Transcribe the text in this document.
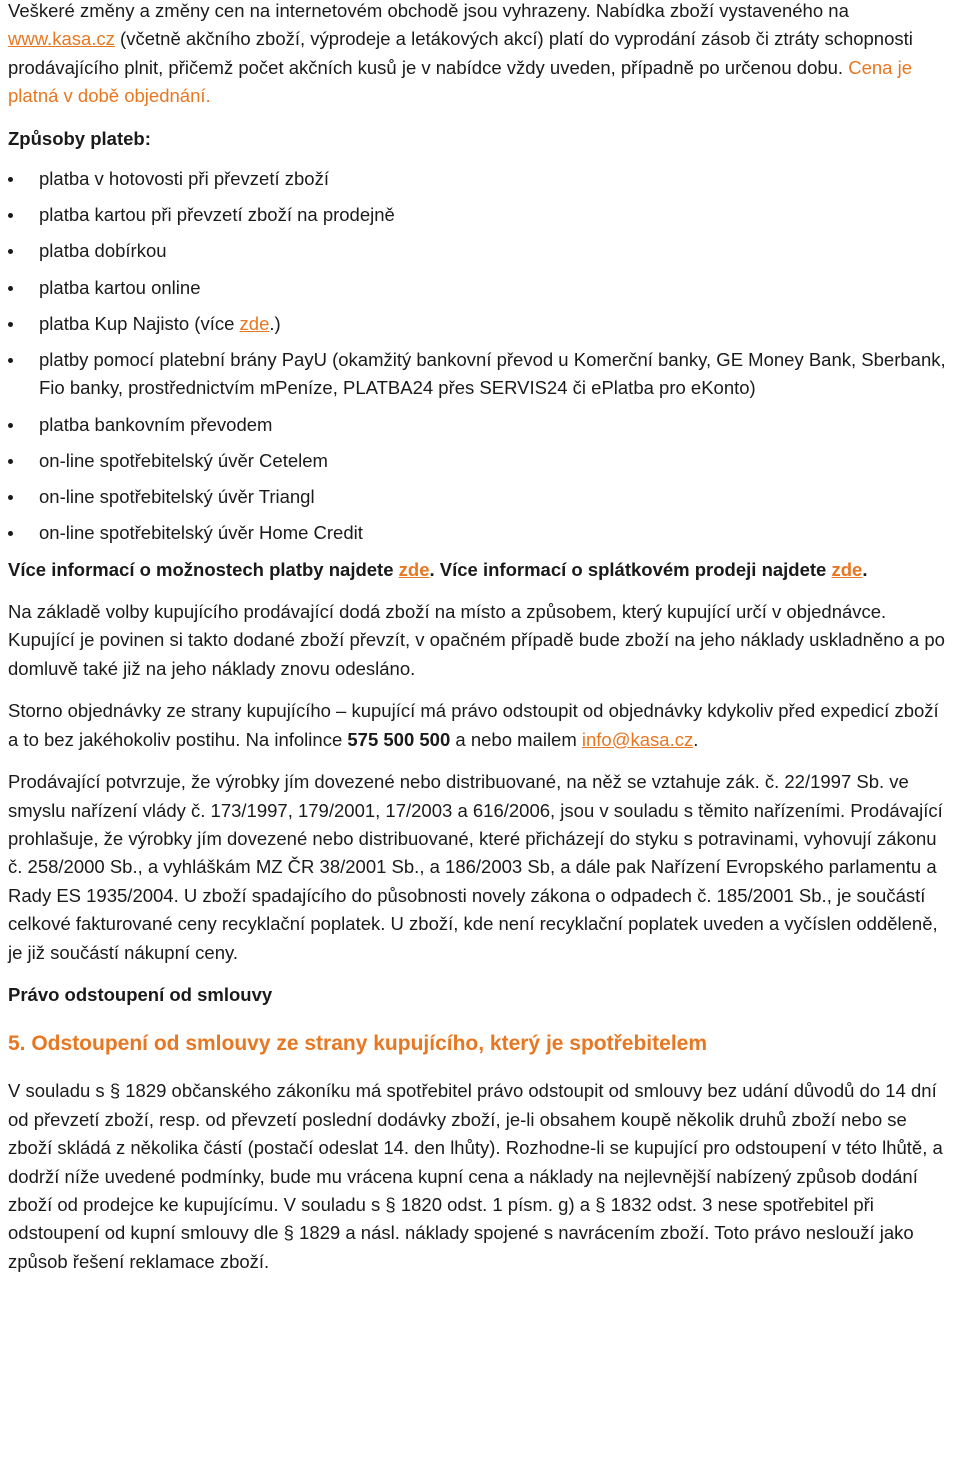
Veškeré změny a změny cen na internetovém obchodě jsou vyhrazeny. Nabídka zboží vystaveného na www.kasa.cz (včetně akčního zboží, výprodeje a letákových akcí) platí do vyprodání zásob či ztráty schopnosti prodávajícího plnit, přičemž počet akčních kusů je v nabídce vždy uveden, případně po určenou dobu. Cena je platná v době objednání.

Způsoby plateb:

platba v hotovosti při převzetí zboží
platba kartou při převzetí zboží na prodejně
platba dobírkou
platba kartou online
platba Kup Najisto (více zde.)
platby pomocí platební brány PayU (okamžitý bankovní převod u Komerční banky, GE Money Bank, Sberbank, Fio banky, prostřednictvím mPeníze, PLATBA24 přes SERVIS24 či ePlatba pro eKonto)
platba bankovním převodem
on-line spotřebitelský úvěr Cetelem
on-line spotřebitelský úvěr Triangl
on-line spotřebitelský úvěr Home Credit

Více informací o možnostech platby najdete zde. Více informací o splátkovém prodeji najdete zde.

Na základě volby kupujícího prodávající dodá zboží na místo a způsobem, který kupující určí v objednávce. Kupující je povinen si takto dodané zboží převzít, v opačném případě bude zboží na jeho náklady uskladněno a po domluvě také již na jeho náklady znovu odesláno.

Storno objednávky ze strany kupujícího – kupující má právo odstoupit od objednávky kdykoliv před expedicí zboží a to bez jakéhokoliv postihu. Na infolince 575 500 500 a nebo mailem info@kasa.cz.

Prodávající potvrzuje, že výrobky jím dovezené nebo distribuované, na něž se vztahuje zák. č. 22/1997 Sb. ve smyslu nařízení vlády č. 173/1997, 179/2001, 17/2003 a 616/2006, jsou v souladu s těmito nařízeními. Prodávající prohlašuje, že výrobky jím dovezené nebo distribuované, které přicházejí do styku s potravinami, vyhovují zákonu č. 258/2000 Sb., a vyhláškám MZ ČR 38/2001 Sb., a 186/2003 Sb, a dále pak Nařízení Evropského parlamentu a Rady ES 1935/2004. U zboží spadajícího do působnosti novely zákona o odpadech č. 185/2001 Sb., je součástí celkové fakturované ceny recyklační poplatek. U zboží, kde není recyklační poplatek uveden a vyčíslen odděleně, je již součástí nákupní ceny.

Právo odstoupení od smlouvy

5. Odstoupení od smlouvy ze strany kupujícího, který je spotřebitelem

V souladu s § 1829 občanského zákoníku má spotřebitel právo odstoupit od smlouvy bez udání důvodů do 14 dní od převzetí zboží, resp. od převzetí poslední dodávky zboží, je-li obsahem koupě několik druhů zboží nebo se zboží skládá z několika částí (postačí odeslat 14. den lhůty). Rozhodne-li se kupující pro odstoupení v této lhůtě, a dodrží níže uvedené podmínky, bude mu vrácena kupní cena a náklady na nejlevnější nabízený způsob dodání zboží od prodejce ke kupujícímu. V souladu s § 1820 odst. 1 písm. g) a § 1832 odst. 3 nese spotřebitel při odstoupení od kupní smlouvy dle § 1829 a násl. náklady spojené s navrácením zboží. Toto právo neslouží jako způsob řešení reklamace zboží.
